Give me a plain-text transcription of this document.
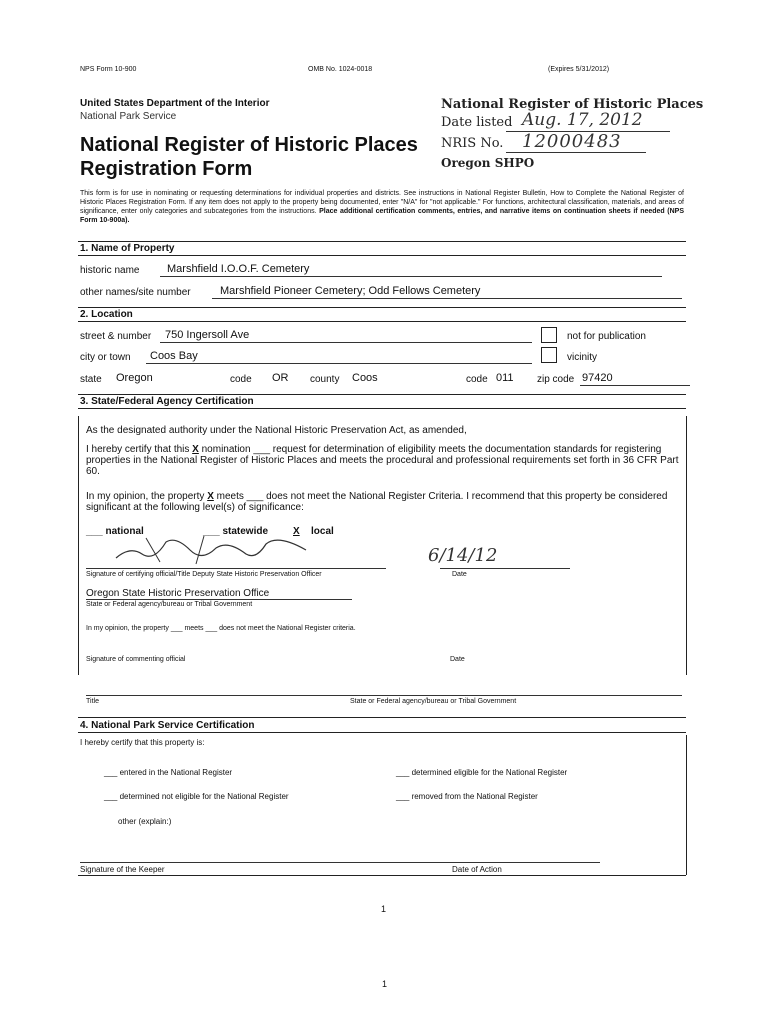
NPS Form 10-900	OMB No. 1024-0018	(Expires 5/31/2012)
United States Department of the Interior
National Park Service
National Register of Historic Places
Registration Form
National Register of Historic Places
Date listed Aug. 17, 2012
NRIS No. 12000483
Oregon SHPO
This form is for use in nominating or requesting determinations for individual properties and districts. See instructions in National Register Bulletin, How to Complete the National Register of Historic Places Registration Form. If any item does not apply to the property being documented, enter "N/A" for "not applicable." For functions, architectural classification, materials, and areas of significance, enter only categories and subcategories from the instructions. Place additional certification comments, entries, and narrative items on continuation sheets if needed (NPS Form 10-900a).
1. Name of Property
historic name	Marshfield I.O.O.F. Cemetery
other names/site number	Marshfield Pioneer Cemetery; Odd Fellows Cemetery
2. Location
street & number 750 Ingersoll Ave	not for publication
city or town Coos Bay	vicinity
state Oregon	code OR county Coos	code 011 zip code 97420
3. State/Federal Agency Certification
As the designated authority under the National Historic Preservation Act, as amended,
I hereby certify that this X nomination ___ request for determination of eligibility meets the documentation standards for registering properties in the National Register of Historic Places and meets the procedural and professional requirements set forth in 36 CFR Part 60.
In my opinion, the property X meets ___ does not meet the National Register Criteria. I recommend that this property be considered significant at the following level(s) of significance:
___ national	___ statewide X local
6/14/12
Signature of certifying official/Title Deputy State Historic Preservation Officer	Date
Oregon State Historic Preservation Office
State or Federal agency/bureau or Tribal Government
In my opinion, the property ___ meets ___ does not meet the National Register criteria.
Signature of commenting official	Date
Title	State or Federal agency/bureau or Tribal Government
4. National Park Service Certification
I hereby certify that this property is:
___ entered in the National Register	___ determined eligible for the National Register
___ determined not eligible for the National Register	___ removed from the National Register
other (explain:)
Signature of the Keeper	Date of Action
1
1
